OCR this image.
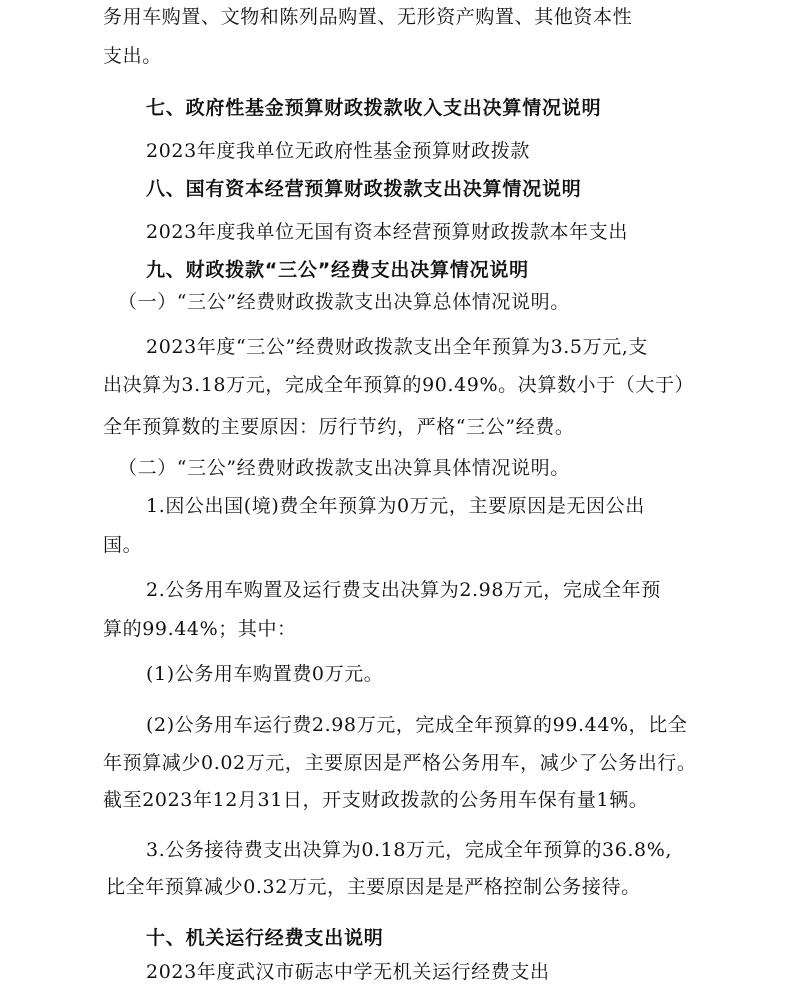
务用车购置、文物和陈列品购置、无形资产购置、其他资本性
支出。
七、政府性基金预算财政拨款收入支出决算情况说明
2023年度我单位无政府性基金预算财政拨款
八、国有资本经营预算财政拨款支出决算情况说明
2023年度我单位无国有资本经营预算财政拨款本年支出
九、财政拨款“三公”经费支出决算情况说明
（一）“三公”经费财政拨款支出决算总体情况说明。
2023年度“三公”经费财政拨款支出全年预算为3.5万元,支
出决算为3.18万元，完成全年预算的90.49%。决算数小于（大于）
全年预算数的主要原因：厉行节约，严格“三公”经费。
（二）“三公”经费财政拨款支出决算具体情况说明。
1.因公出国(境)费全年预算为0万元，主要原因是无因公出
国。
2.公务用车购置及运行费支出决算为2.98万元，完成全年预
算的99.44%；其中：
(1)公务用车购置费0万元。
(2)公务用车运行费2.98万元，完成全年预算的99.44%，比全
年预算减少0.02万元，主要原因是严格公务用车，减少了公务出行。
截至2023年12月31日，开支财政拨款的公务用车保有量1辆。
3.公务接待费支出决算为0.18万元，完成全年预算的36.8%,
比全年预算减少0.32万元，主要原因是是严格控制公务接待。
十、机关运行经费支出说明
2023年度武汉市砺志中学无机关运行经费支出
